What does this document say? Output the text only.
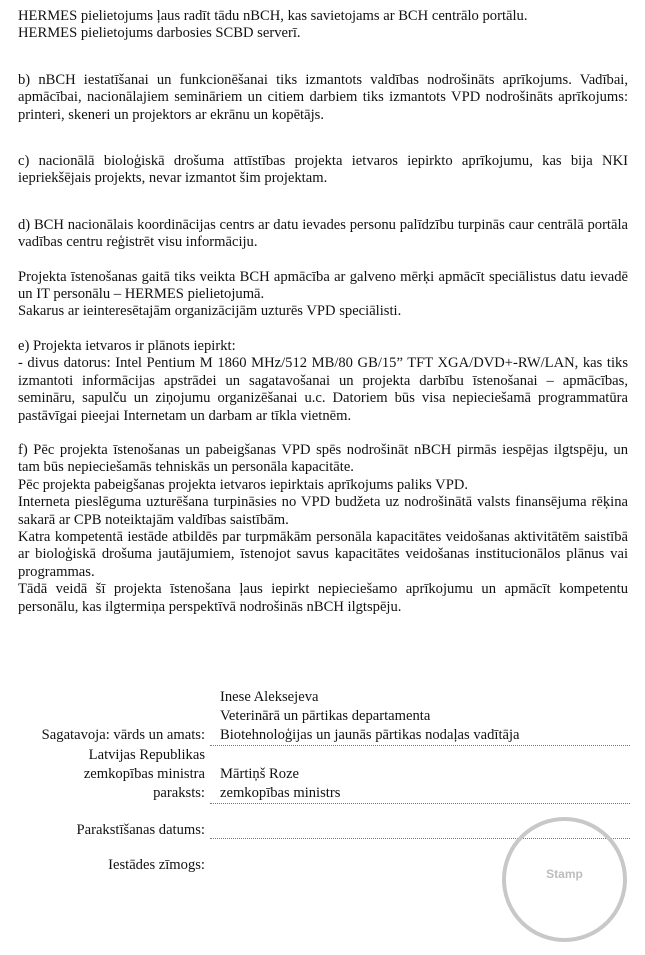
HERMES pielietojums ļaus radīt tādu nBCH, kas savietojams ar BCH centrālo portālu.
HERMES pielietojums darbosies SCBD serverī.

b) nBCH iestatīšanai un funkcionēšanai tiks izmantots valdības nodrošināts aprīkojums. Vadībai, apmācībai, nacionālajiem semināriem un citiem darbiem tiks izmantots VPD nodrošināts aprīkojums: printeri, skeneri un projektors ar ekrānu un kopētājs.

c) nacionālā bioloģiskā drošuma attīstības projekta ietvaros iepirkto aprīkojumu, kas bija NKI iepriekšējais projekts, nevar izmantot šim projektam.

d) BCH nacionālais koordinācijas centrs ar datu ievades personu palīdzību turpinās caur centrālā portāla vadības centru reģistrēt visu informāciju.

Projekta īstenošanas gaitā tiks veikta BCH apmācība ar galveno mērķi apmācīt speciālistus datu ievadē un IT personālu – HERMES pielietojumā.
Sakarus ar ieinteresētajām organizācijām uzturēs VPD speciālisti.

e) Projekta ietvaros ir plānots iepirkt:
- divus datorus: Intel Pentium M 1860 MHz/512 MB/80 GB/15” TFT XGA/DVD+-RW/LAN, kas tiks izmantoti informācijas apstrādei un sagatavošanai un projekta darbību īstenošanai – apmācības, semināru, sapulču un ziņojumu organizēšanai u.c. Datoriem būs visa nepieciešamā programmatūra pastāvīgai pieejai Internetam un darbam ar tīkla vietnēm.

f) Pēc projekta īstenošanas un pabeigšanas VPD spēs nodrošināt nBCH pirmās iespējas ilgtspēju, un tam būs nepieciešamās tehniskās un personāla kapacitāte.
Pēc projekta pabeigšanas projekta ietvaros iepirktais aprīkojums paliks VPD.
Interneta pieslēguma uzturēšana turpināsies no VPD budžeta uz nodrošinātā valsts finansējuma rēķina sakarā ar CPB noteiktajām valdības saistībām.
Katra kompetentā iestāde atbildēs par turpmākām personāla kapacitātes veidošanas aktivitātēm saistībā ar bioloģiskā drošuma jautājumiem, īstenojot savus kapacitātes veidošanas institucionālos plānus vai programmas.
Tādā veidā šī projekta īstenošana ļaus iepirkt nepieciešamo aprīkojumu un apmācīt kompetentu personālu, kas ilgtermiņa perspektīvā nodrošinās nBCH ilgtspēju.

Inese Aleksejeva
Veterinārā un pārtikas departamenta
Sagatavoja: vārds un amats: Biotehnoloģijas un jaunās pārtikas nodaļas vadītāja
Latvijas Republikas
zemkopības ministra Mārtiņš Roze
paraksts: zemkopības ministrs
Parakstīšanas datums:
Iestādes zīmogs:
Stamp
